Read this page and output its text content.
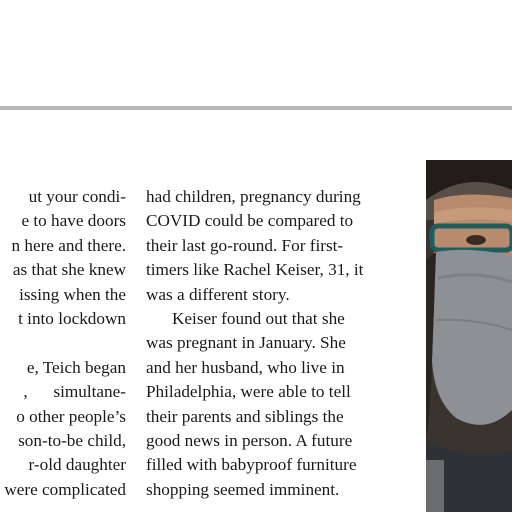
ut your condi-
e to have doors
n here and there.
as that she knew
issing when the
t into lockdown

e, Teich began
,      simultane-
o other people’s
son-to-be child,
r-old daughter
were complicated
had children, pregnancy during
COVID could be compared to
their last go-round. For first-
timers like Rachel Keiser, 31, it
was a different story.
Keiser found out that she
was pregnant in January. She
and her husband, who live in
Philadelphia, were able to tell
their parents and siblings the
good news in person. A future
filled with babyproof furniture
shopping seemed imminent.
